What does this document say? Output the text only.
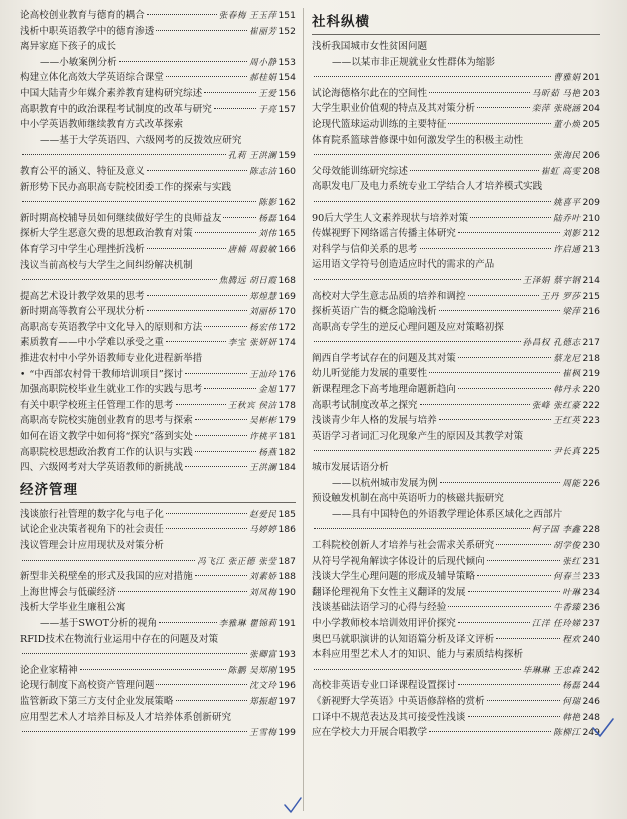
论高校创业教育与德育的耦合	张春梅 王玉萍 151
浅析中职英语教学中的德育渗透	崔丽芳 152
离异家庭下孩子的成长
——小敏案例分析	周小静 153
构建立体化高效大学英语综合课堂	郝桂娟 154
中国大陆青少年媒介素养教育建构研究综述	王爱 156
高职教育中的政治课程考试制度的改革与研究	于亮 157
中小学英语教师继续教育方式改革探索
——基于大学英语四、六级网考的反拨效应研究
孔莉 王洪澜 159
教育公平的涵义、特征及意义	陈志洁 160
新形势下民办高职高专院校团委工作的探索与实践
陈影 162
新时期高校辅导员如何继续做好学生的良师益友	杨磊 164
探析大学生恶意欠费的思想政治教育对策	刘伟 165
体育学习中学生心理挫折浅析	唐楠 周毅敏 166
浅议当前高校与大学生之间纠纷解决机制
焦腾远 胡日霞 168
提高艺术设计教学效果的思考	郑煌慧 169
新时期高等教育公平现状分析	刘丽桥 170
高职高专英语教学中文化导入的原则和方法	杨宏伟 172
素质教育——中小学难以承受之重	李宝 张妍妍 174
推进农村中小学外语教师专业化进程新举措
• “中西部农村骨干教师培训项目”探讨	王汕玲 176
加强高职院校毕业生就业工作的实践与思考	金旭 177
有关中职学校班主任管理工作的思考	王秋宾 侯洁 178
高职高专院校实施创业教育的思考与探索	吴彬彬 179
如何在语文教学中如何将“探究”落到实处	许桃平 181
高职院校思想政治教育工作的认识与实践	杨燕 182
四、六级网考对大学英语教师的新挑战	王洪澜 184
经济管理
浅谈旅行社管理的数字化与电子化	赵爱民 185
试论企业决策者视角下的社会责任	马婷婷 186
浅议管理会计应用现状及对策分析
冯飞江 张正德 张莹 187
新型非关税壁垒的形式及我国的应对措施	刘素娇 188
上海世博会与低碳经济	刘凤梅 190
浅析大学毕业生廉租公寓
——基于SWOT分析的视角	李雅琳 瞿锦莉 191
RFID技术在物流行业运用中存在的问题及对策
张卿富 193
论企业家精神	陈鹏 吴郑刚 195
论现行制度下高校资产管理问题	沈文玲 196
监管新政下第三方支付企业发展策略	郑振超 197
应用型艺术人才培养目标及人才培养体系创新研究
王雪梅 199
社科纵横
浅析我国城市女性贫困问题
——以某市非正规就业女性群体为缩影
曹雅娟 201
试论海德格尔此在的空间性	马昕茹 马艳 203
大学生职业价值观的特点及其对策分析	栾萍 张晓涵 204
论现代篮球运动训练的主要特征	董小焕 205
体育院系篮球普修课中如何激发学生的积极主动性
张海民 206
父母效能训练研究综述	崔虹 高雯 208
高职发电厂及电力系统专业工学结合人才培养模式实践
姚喜平 209
90后大学生人文素养现状与培养对策	陆乔叶 210
传媒视野下网络谣言传播主体研究	刘影 212
对科学与信仰关系的思考	许启通 213
运用语文学符号创造适应时代的需求的产品
王泽娟 蔡宇钢 214
高校对大学生意志品质的培养和调控	王丹 罗莎 215
探析英语广告的概念隐喻浅析	梁萍 216
高职高专学生的逆反心理问题及应对策略初探
孙昌权 孔德志 217
阐西自学考试存在的问题及其对策	蔡龙尼 218
幼儿听觉能力发展的重要性	崔枫 219
新课程理念下高考地理命题新趋向	韩丹永 220
高职考试制度改革之探究	张峰 张红豪 222
浅谈青少年人格的发展与培养	王红英 223
英语学习者词汇习化现象产生的原因及其教学对策
尹长真 225
城市发展话语分析
——以杭州城市发展为例	周能 226
预设触发机制在高中英语听力的核磁共振研究
——具有中国特色的外语教学理论体系区域化之西部片
柯子国 李鑫 228
工科院校创新人才培养与社会需求关系研究	胡学俊 230
从符号学视角解读字体设计的后现代倾向	张红 231
浅谈大学生心理问题的形成及辅导策略	何春兰 233
翻译伦理视角下女性主义翻译的发展	叶琳 234
浅谈基础法语学习的心得与经验	牛香臻 236
中小学教师校本培训效用评价探究	江洋 任玲娣 237
奥巴马就职演讲的认知语篇分析及译文评析	程欢 240
本科应用型艺术人才的知识、能力与素质结构探析
毕琳琳 王忠森 242
高校非英语专业口译课程设置探讨	杨磊 244
《新视野大学英语》中英语修辞格的赏析	何瑞 246
口译中不规范表达及其可接受性浅谈	韩艳 248
应在学校大力开展合唱教学	陈柳江 249
